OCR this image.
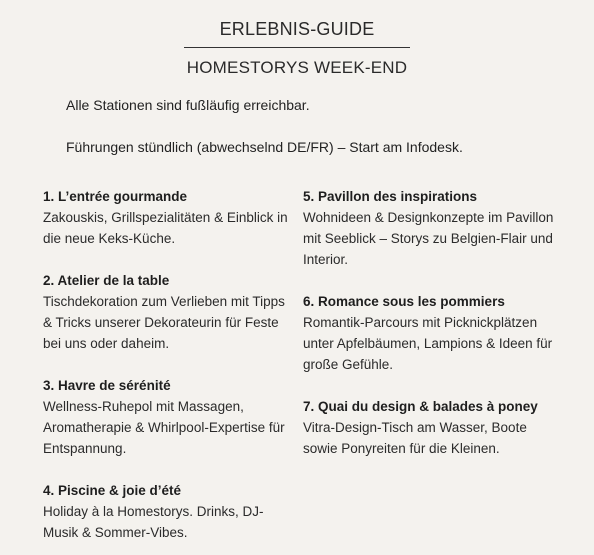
ERLEBNIS-GUIDE
HOMESTORYS WEEK-END
Alle Stationen sind fußläufig erreichbar.
Führungen stündlich (abwechselnd DE/FR) – Start am Infodesk.
1. L’entrée gourmande
Zakouskis, Grillspezialitäten & Einblick in die neue Keks-Küche.
2. Atelier de la table
Tischdekoration zum Verlieben mit Tipps & Tricks unserer Dekorateurin für Feste bei uns oder daheim.
3. Havre de sérénité
Wellness-Ruhepol mit Massagen, Aromatherapie & Whirlpool-Expertise für Entspannung.
4. Piscine & joie d’été
Holiday à la Homestorys. Drinks, DJ-Musik & Sommer-Vibes.
5. Pavillon des inspirations
Wohnideen & Designkonzepte im Pavillon mit Seeblick – Storys zu Belgien-Flair und Interior.
6. Romance sous les pommiers
Romantik-Parcours mit Picknickplätzen unter Apfelbäumen, Lampions & Ideen für große Gefühle.
7. Quai du design & balades à poney
Vitra-Design-Tisch am Wasser, Boote sowie Ponyreiten für die Kleinen.
